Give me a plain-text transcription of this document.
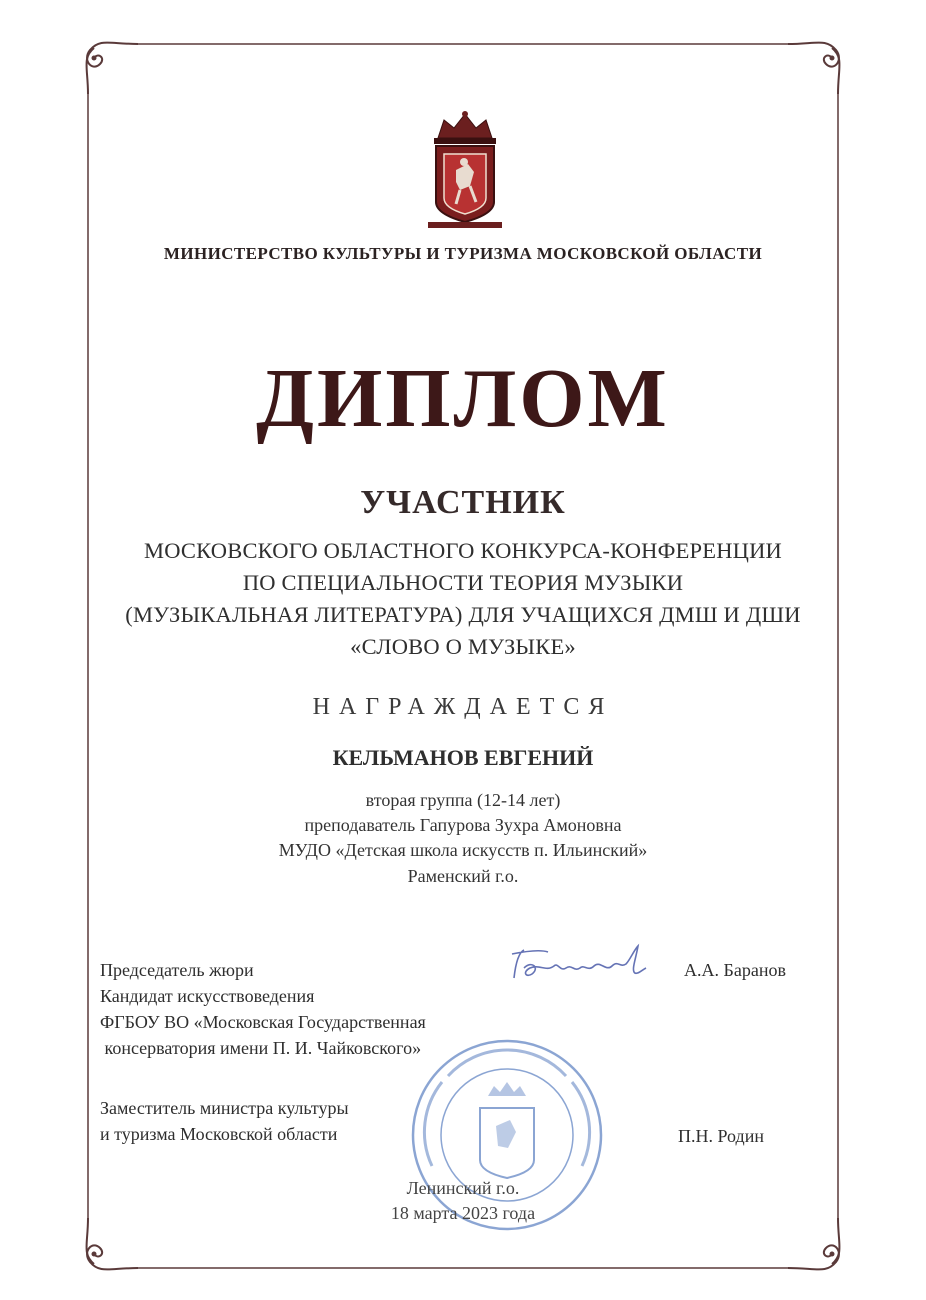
МИНИСТЕРСТВО КУЛЬТУРЫ И ТУРИЗМА МОСКОВСКОЙ ОБЛАСТИ
ДИПЛОМ
УЧАСТНИК
МОСКОВСКОГО ОБЛАСТНОГО КОНКУРСА-КОНФЕРЕНЦИИ
ПО СПЕЦИАЛЬНОСТИ ТЕОРИЯ МУЗЫКИ
(МУЗЫКАЛЬНАЯ ЛИТЕРАТУРА) ДЛЯ УЧАЩИХСЯ ДМШ И ДШИ
«СЛОВО О МУЗЫКЕ»
НАГРАЖДАЕТСЯ
КЕЛЬМАНОВ ЕВГЕНИЙ
вторая группа (12-14 лет)
преподаватель Гапурова Зухра Амоновна
МУДО «Детская школа искусств п. Ильинский»
Раменский г.о.
Председатель жюри
Кандидат искусствоведения
ФГБОУ ВО «Московская Государственная
консерватория имени П. И. Чайковского»
А.А. Баранов
Заместитель министра культуры
и туризма Московской области	П.Н. Родин
Ленинский г.о.
18 марта 2023 года
